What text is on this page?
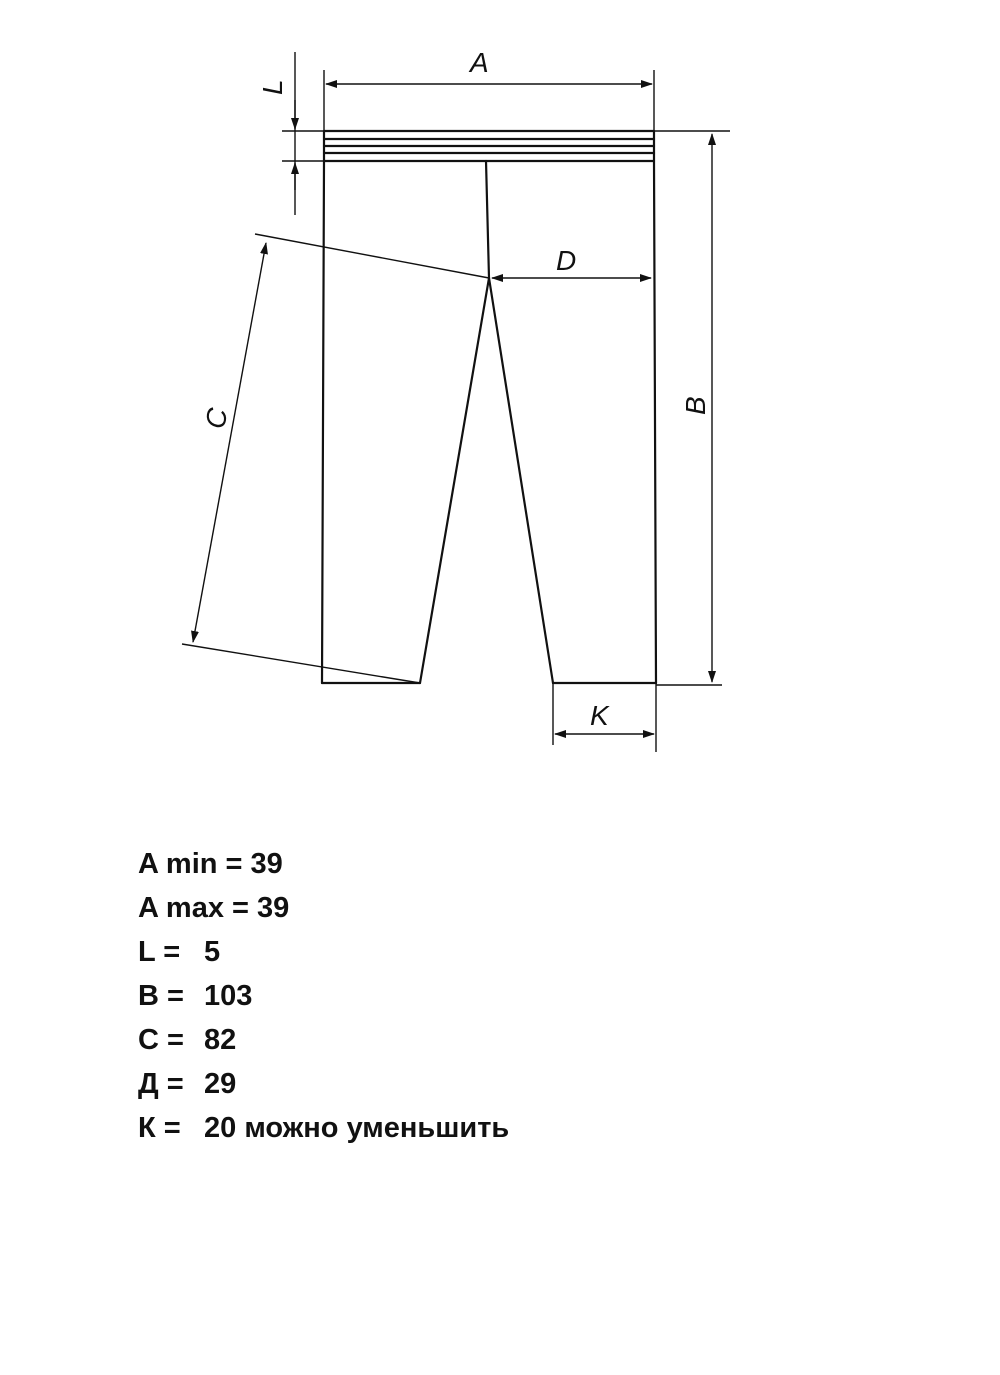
A
L
D
B
C
K
A min = 39
A max = 39
L = 5
B = 103
C = 82
Д = 29
К = 20 можно уменьшить
